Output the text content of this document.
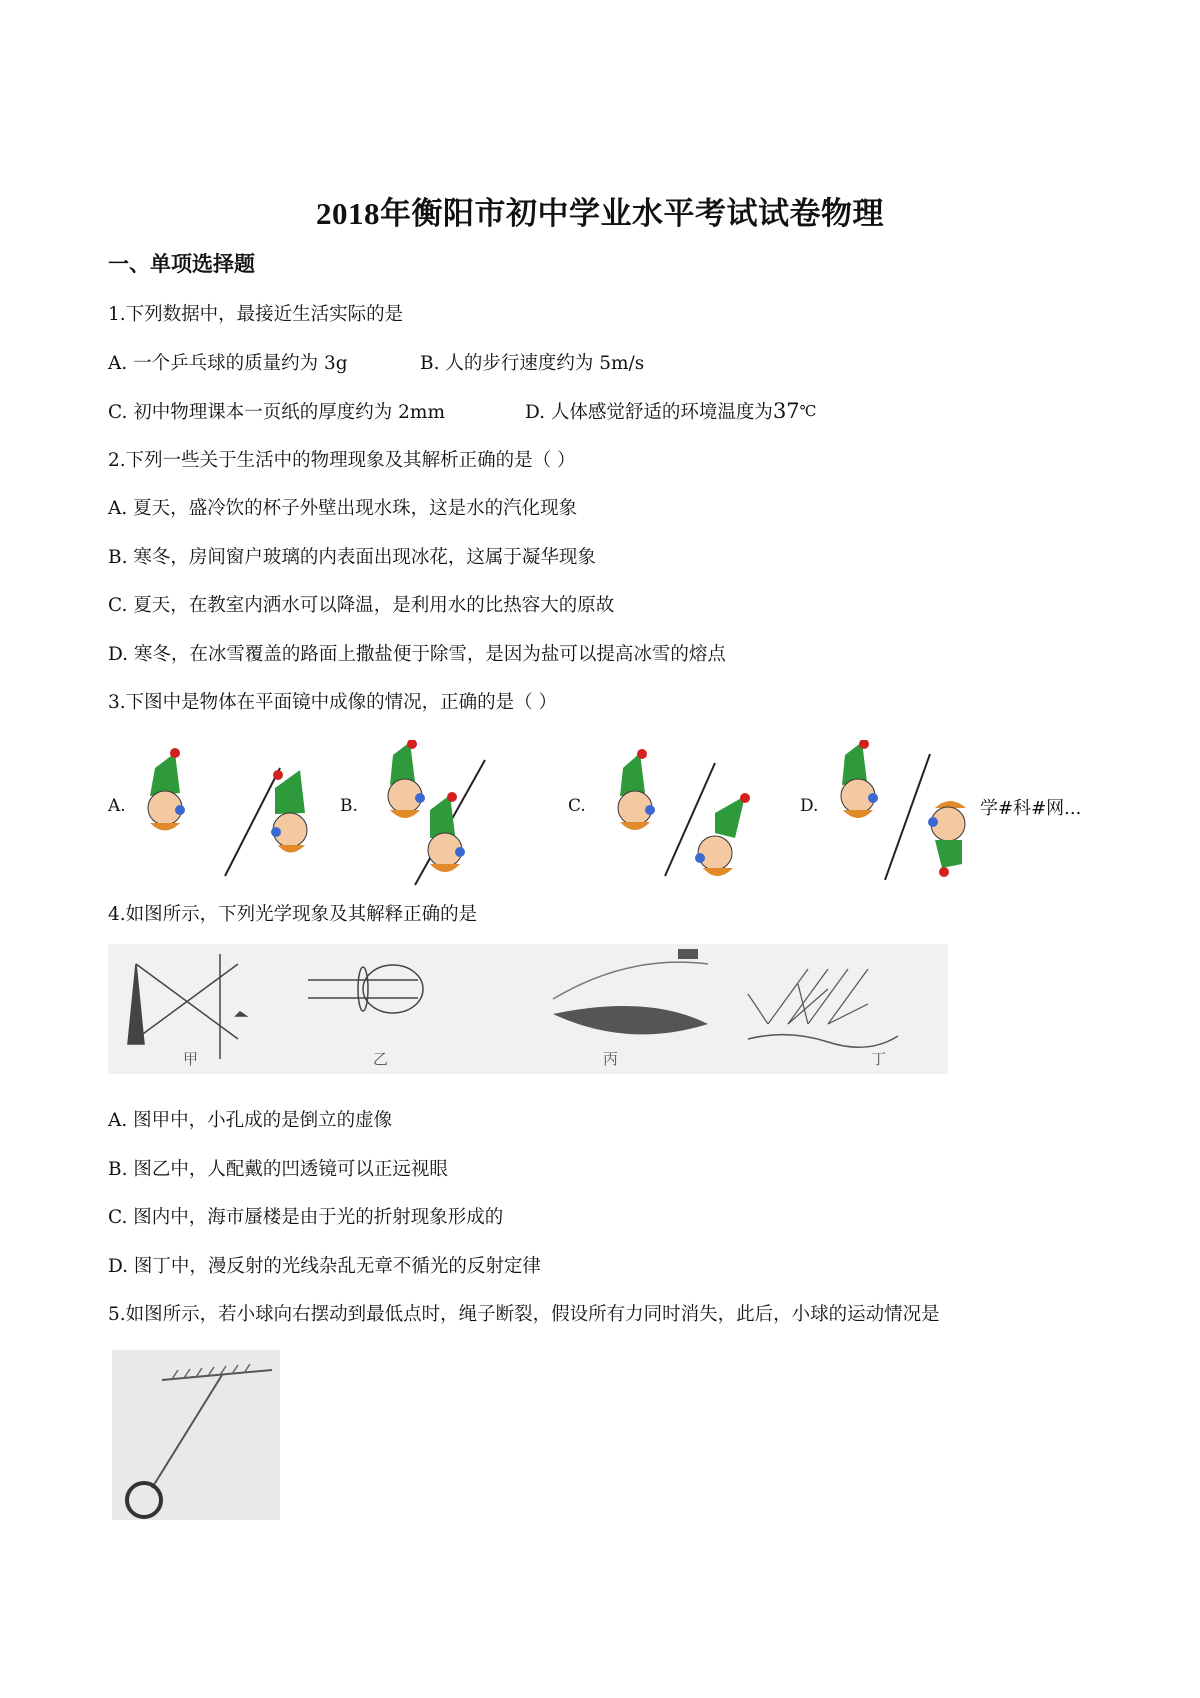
2018年衡阳市初中学业水平考试试卷物理
一、单项选择题
1.下列数据中，最接近生活实际的是
A. 一个乒乓球的质量约为 3g	B. 人的步行速度约为 5m/s
C. 初中物理课本一页纸的厚度约为 2mm	D. 人体感觉舒适的环境温度为37℃
2.下列一些关于生活中的物理现象及其解析正确的是（ ）
A. 夏天，盛冷饮的杯子外壁出现水珠，这是水的汽化现象
B. 寒冬，房间窗户玻璃的内表面出现冰花，这属于凝华现象
C. 夏天，在教室内洒水可以降温，是利用水的比热容大的原故
D. 寒冬，在冰雪覆盖的路面上撒盐便于除雪，是因为盐可以提高冰雪的熔点
3.下图中是物体在平面镜中成像的情况，正确的是（ ）
A.	B.	C.	D.	学#科#网...
4.如图所示，下列光学现象及其解释正确的是
甲	乙	丙	丁
A. 图甲中，小孔成的是倒立的虚像
B. 图乙中，人配戴的凹透镜可以正远视眼
C. 图内中，海市蜃楼是由于光的折射现象形成的
D. 图丁中，漫反射的光线杂乱无章不循光的反射定律
5.如图所示，若小球向右摆动到最低点时，绳子断裂，假设所有力同时消失，此后，小球的运动情况是
